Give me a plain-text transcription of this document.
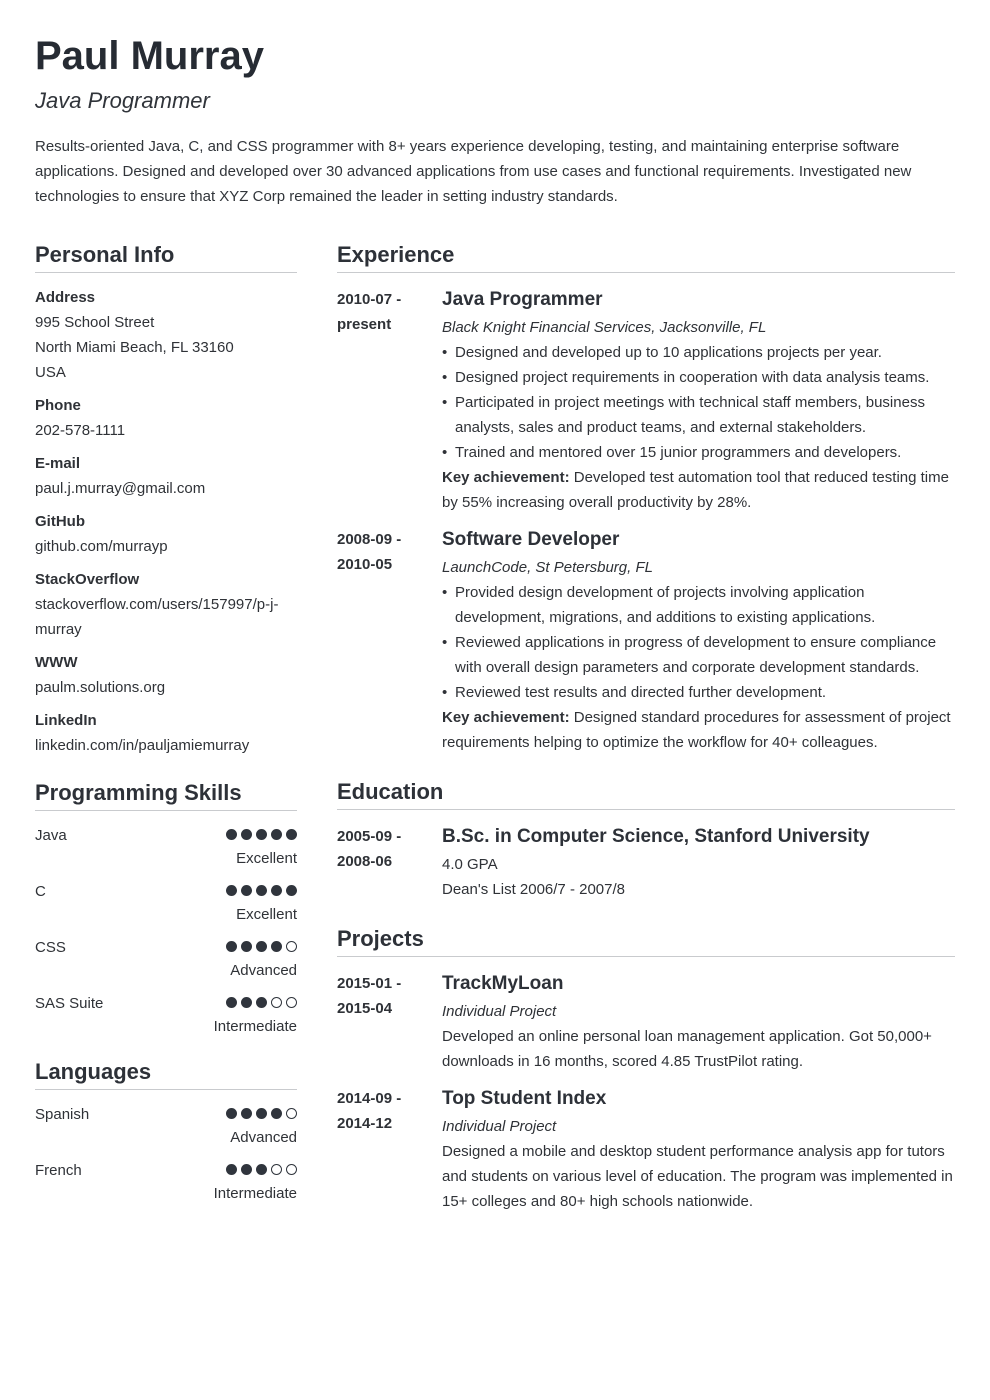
Paul Murray
Java Programmer

Results-oriented Java, C, and CSS programmer with 8+ years experience developing, testing, and maintaining enterprise software applications. Designed and developed over 30 advanced applications from use cases and functional requirements. Investigated new technologies to ensure that XYZ Corp remained the leader in setting industry standards.

Personal Info
Address
995 School Street
North Miami Beach, FL 33160
USA
Phone
202-578-1111
E-mail
paul.j.murray@gmail.com
GitHub
github.com/murrayp
StackOverflow
stackoverflow.com/users/157997/p-j-
murray
WWW
paulm.solutions.org
LinkedIn
linkedin.com/in/pauljamiemurray
Programming Skills
Java
Excellent
C
Excellent
CSS
Advanced
SAS Suite
Intermediate
Languages
Spanish
Advanced
French
Intermediate
Experience
2010-07 -
present
Java Programmer
Black Knight Financial Services, Jacksonville, FL
• Designed and developed up to 10 applications projects per year.
• Designed project requirements in cooperation with data analysis teams.
• Participated in project meetings with technical staff members, business
analysts, sales and product teams, and external stakeholders.
• Trained and mentored over 15 junior programmers and developers.
Key achievement: Developed test automation tool that reduced testing time
by 55% increasing overall productivity by 28%.
2008-09 -
2010-05
Software Developer
LaunchCode, St Petersburg, FL
• Provided design development of projects involving application
development, migrations, and additions to existing applications.
• Reviewed applications in progress of development to ensure compliance
with overall design parameters and corporate development standards.
• Reviewed test results and directed further development.
Key achievement: Designed standard procedures for assessment of project
requirements helping to optimize the workflow for 40+ colleagues.
Education
2005-09 -
2008-06
B.Sc. in Computer Science, Stanford University
4.0 GPA
Dean's List 2006/7 - 2007/8
Projects
2015-01 -
2015-04
TrackMyLoan
Individual Project
Developed an online personal loan management application. Got 50,000+
downloads in 16 months, scored 4.85 TrustPilot rating.
2014-09 -
2014-12
Top Student Index
Individual Project
Designed a mobile and desktop student performance analysis app for tutors
and students on various level of education. The program was implemented in
15+ colleges and 80+ high schools nationwide.
